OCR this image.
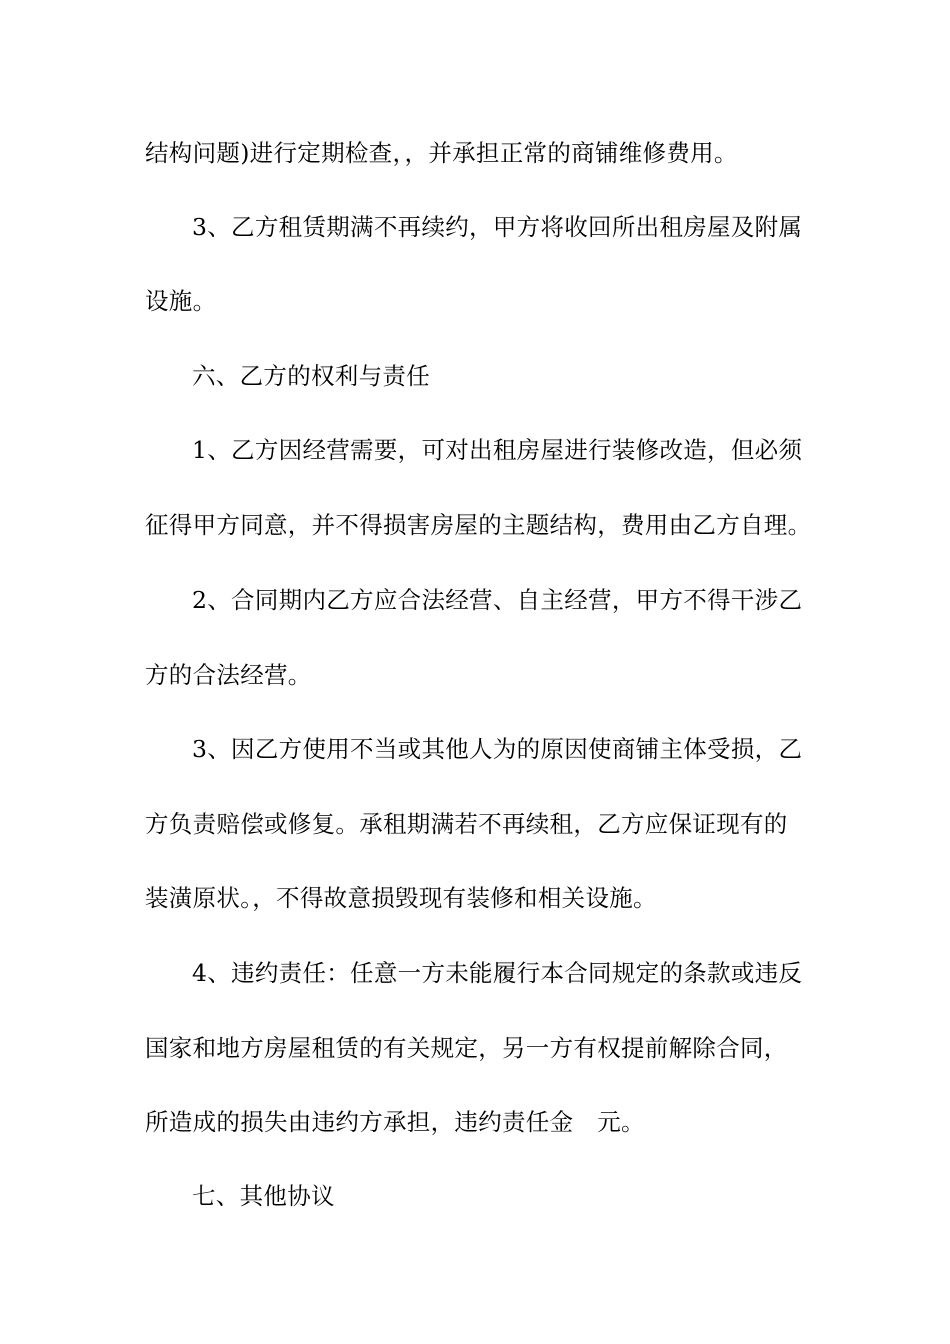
结构问题)进行定期检查，，并承担正常的商铺维修费用。
3、乙方租赁期满不再续约，甲方将收回所出租房屋及附属
设施。
六、乙方的权利与责任
1、乙方因经营需要，可对出租房屋进行装修改造，但必须
征得甲方同意，并不得损害房屋的主题结构，费用由乙方自理。
2、合同期内乙方应合法经营、自主经营，甲方不得干涉乙
方的合法经营。
3、因乙方使用不当或其他人为的原因使商铺主体受损，乙
方负责赔偿或修复。承租期满若不再续租，乙方应保证现有的
装潢原状。，不得故意损毁现有装修和相关设施。
4、违约责任：任意一方未能履行本合同规定的条款或违反
国家和地方房屋租赁的有关规定，另一方有权提前解除合同，
所造成的损失由违约方承担，违约责任金　元。
七、其他协议
